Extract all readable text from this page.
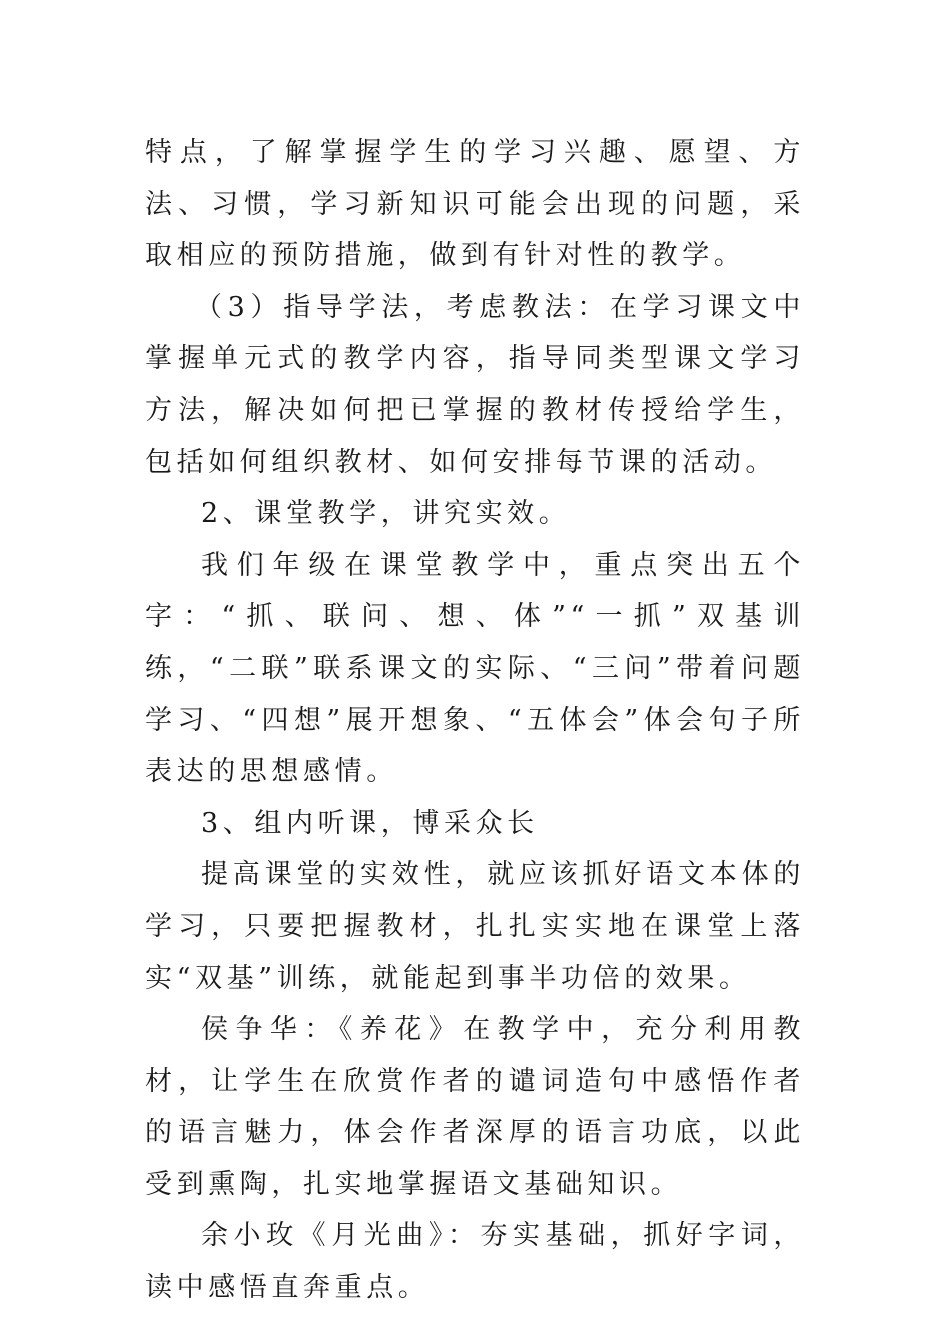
特点，了解掌握学生的学习兴趣、愿望、方法、习惯，学习新知识可能会出现的问题，采取相应的预防措施，做到有针对性的教学。

（3）指导学法，考虑教法：在学习课文中掌握单元式的教学内容，指导同类型课文学习方法，解决如何把已掌握的教材传授给学生，包括如何组织教材、如何安排每节课的活动。

2、课堂教学，讲究实效。

我们年级在课堂教学中，重点突出五个字：“抓、联问、想、体”“一抓”双基训练，“二联”联系课文的实际、“三问”带着问题学习、“四想”展开想象、“五体会”体会句子所表达的思想感情。

3、组内听课，博采众长

提高课堂的实效性，就应该抓好语文本体的学习，只要把握教材，扎扎实实地在课堂上落实“双基”训练，就能起到事半功倍的效果。

侯争华：《养花》在教学中，充分利用教材，让学生在欣赏作者的谴词造句中感悟作者的语言魅力，体会作者深厚的语言功底，以此受到熏陶，扎实地掌握语文基础知识。

余小玫《月光曲》：夯实基础，抓好字词，读中感悟直奔重点。
